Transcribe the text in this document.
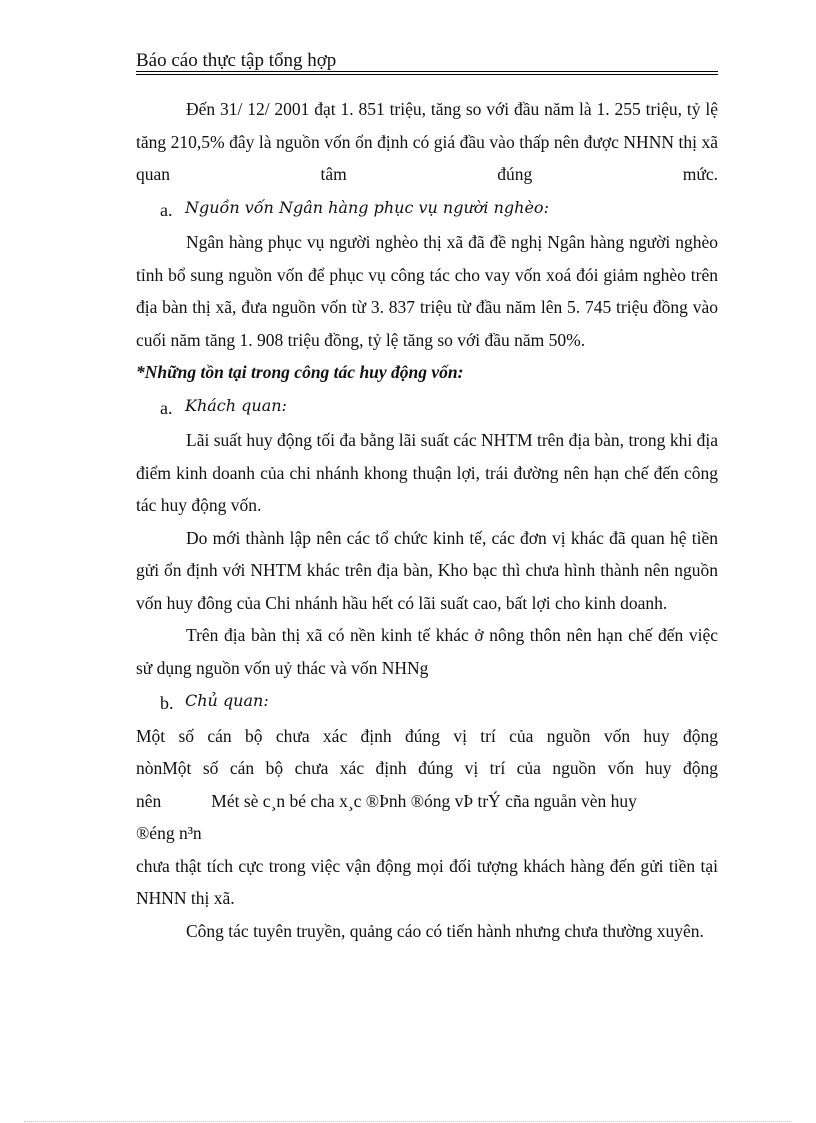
Báo cáo thực tập tổng hợp

Đến 31/ 12/ 2001 đạt 1. 851 triệu, tăng so với đầu năm là 1. 255 triệu, tỷ lệ tăng 210,5% đây là nguồn vốn ổn định có giá đầu vào thấp nên được NHNN thị xã quan tâm đúng mức.

a. Nguồn vốn Ngân hàng phục vụ người nghèo:

Ngân hàng phục vụ người nghèo thị xã đã đề nghị Ngân hàng người nghèo tỉnh bổ sung nguồn vốn để phục vụ công tác cho vay vốn xoá đói giảm nghèo trên địa bàn thị xã, đưa nguồn vốn từ 3. 837 triệu từ đầu năm lên 5. 745 triệu đồng vào cuối năm tăng 1. 908 triệu đồng, tỷ lệ tăng so với đầu năm 50%.

*Những tồn tại trong công tác huy động vốn:

a. Khách quan:

Lãi suất huy động tối đa bằng lãi suất các NHTM trên địa bàn, trong khi địa điểm kinh doanh của chi nhánh khong thuận lợi, trái đường nên hạn chế đến công tác huy động vốn.

Do mới thành lập nên các tổ chức kinh tế, các đơn vị khác đã quan hệ tiền gửi ổn định với NHTM khác trên địa bàn, Kho bạc thì chưa hình thành nên nguồn vốn huy đông của Chi nhánh hầu hết có lãi suất cao, bất lợi cho kinh doanh.

Trên địa bàn thị xã có nền kinh tế khác ở nông thôn nên hạn chế đến việc sử dụng nguồn vốn uỷ thác và vốn NHNg

b. Chủ quan:

Một số cán bộ chưa xác định đúng vị trí của nguồn vốn huy động

nònMột số cán bộ chưa xác định đúng vị trí của nguồn vốn huy động

nên	Mét sè c¸n bé cha x¸c ®Þnh ®óng vÞ trÝ cña nguån vèn huy

®éng n³n

chưa thật tích cực trong việc vận động mọi đối tượng khách hàng đến gửi tiền tại NHNN thị xã.

Công tác tuyên truyền, quảng cáo có tiến hành nhưng chưa thường xuyên.
